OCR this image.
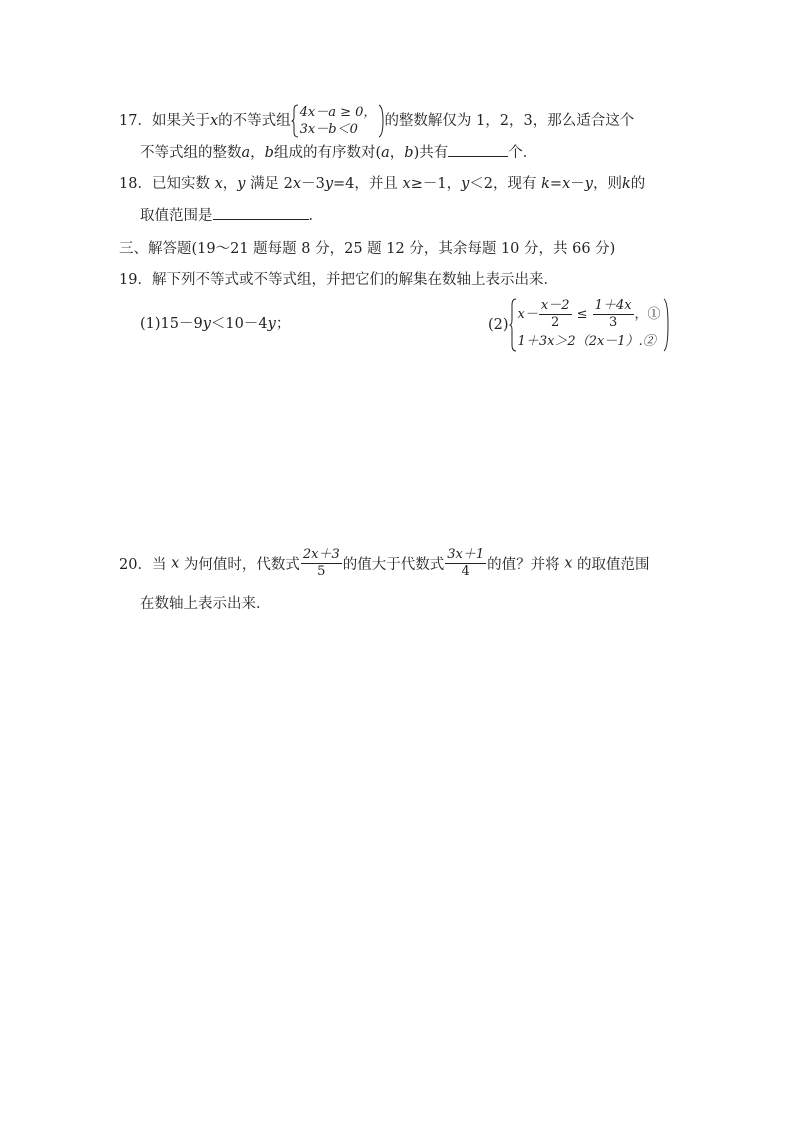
17．如果关于x的不等式组
4x－a ≥ 0，
3x－b＜0
的整数解仅为 1，2，3，那么适合这个
不等式组的整数a，b组成的有序数对(a，b)共有	个．
18．已知实数 x，y 满足 2x－3y=4，并且 x≥－1，y＜2，现有 k=x－y，则k的
取值范围是	．
三、解答题(19～21 题每题 8 分，25 题 12 分，其余每题 10 分，共 66 分)
19．解下列不等式或不等式组，并把它们的解集在数轴上表示出来．
(1)15－9y＜10－4y；	(2)
$x- \frac{x-2}{2} \le \frac{1+4x}{3}$ ，①
1＋3x＞2（2x－1）.②
20．当 x 为何值时，代数式 $\frac{2x+3}{5}$ 的值大于代数式 $\frac{3x+1}{4}$ 的值？并将 x 的取值范围
在数轴上表示出来．
